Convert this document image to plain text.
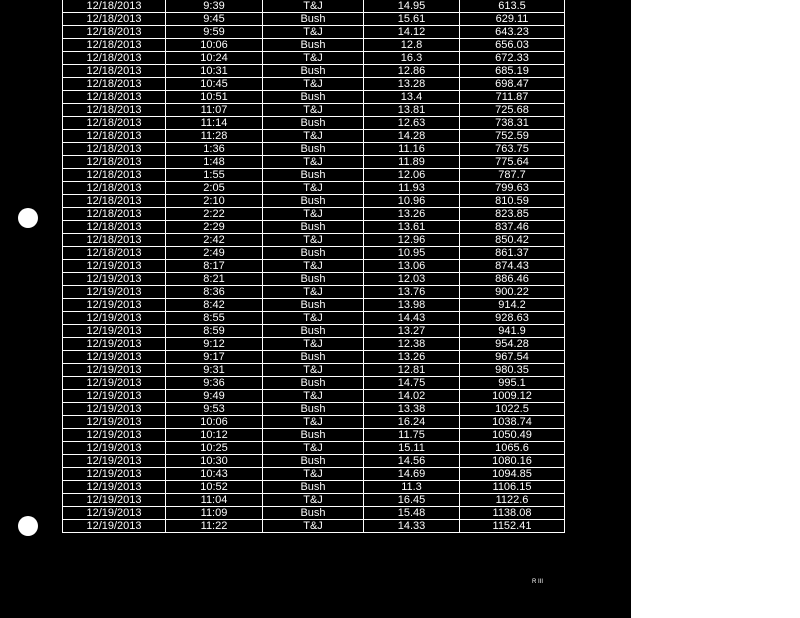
12/18/2013	9:39	T&J	14.95	613.5
12/18/2013	9:45	Bush	15.61	629.11
12/18/2013	9:59	T&J	14.12	643.23
12/18/2013	10:06	Bush	12.8	656.03
12/18/2013	10:24	T&J	16.3	672.33
12/18/2013	10:31	Bush	12.86	685.19
12/18/2013	10:45	T&J	13.28	698.47
12/18/2013	10:51	Bush	13.4	711.87
12/18/2013	11:07	T&J	13.81	725.68
12/18/2013	11:14	Bush	12.63	738.31
12/18/2013	11:28	T&J	14.28	752.59
12/18/2013	1:36	Bush	11.16	763.75
12/18/2013	1:48	T&J	11.89	775.64
12/18/2013	1:55	Bush	12.06	787.7
12/18/2013	2:05	T&J	11.93	799.63
12/18/2013	2:10	Bush	10.96	810.59
12/18/2013	2:22	T&J	13.26	823.85
12/18/2013	2:29	Bush	13.61	837.46
12/18/2013	2:42	T&J	12.96	850.42
12/18/2013	2:49	Bush	10.95	861.37
12/19/2013	8:17	T&J	13.06	874.43
12/19/2013	8:21	Bush	12.03	886.46
12/19/2013	8:36	T&J	13.76	900.22
12/19/2013	8:42	Bush	13.98	914.2
12/19/2013	8:55	T&J	14.43	928.63
12/19/2013	8:59	Bush	13.27	941.9
12/19/2013	9:12	T&J	12.38	954.28
12/19/2013	9:17	Bush	13.26	967.54
12/19/2013	9:31	T&J	12.81	980.35
12/19/2013	9:36	Bush	14.75	995.1
12/19/2013	9:49	T&J	14.02	1009.12
12/19/2013	9:53	Bush	13.38	1022.5
12/19/2013	10:06	T&J	16.24	1038.74
12/19/2013	10:12	Bush	11.75	1050.49
12/19/2013	10:25	T&J	15.11	1065.6
12/19/2013	10:30	Bush	14.56	1080.16
12/19/2013	10:43	T&J	14.69	1094.85
12/19/2013	10:52	Bush	11.3	1106.15
12/19/2013	11:04	T&J	16.45	1122.6
12/19/2013	11:09	Bush	15.48	1138.08
12/19/2013	11:22	T&J	14.33	1152.41
R III
